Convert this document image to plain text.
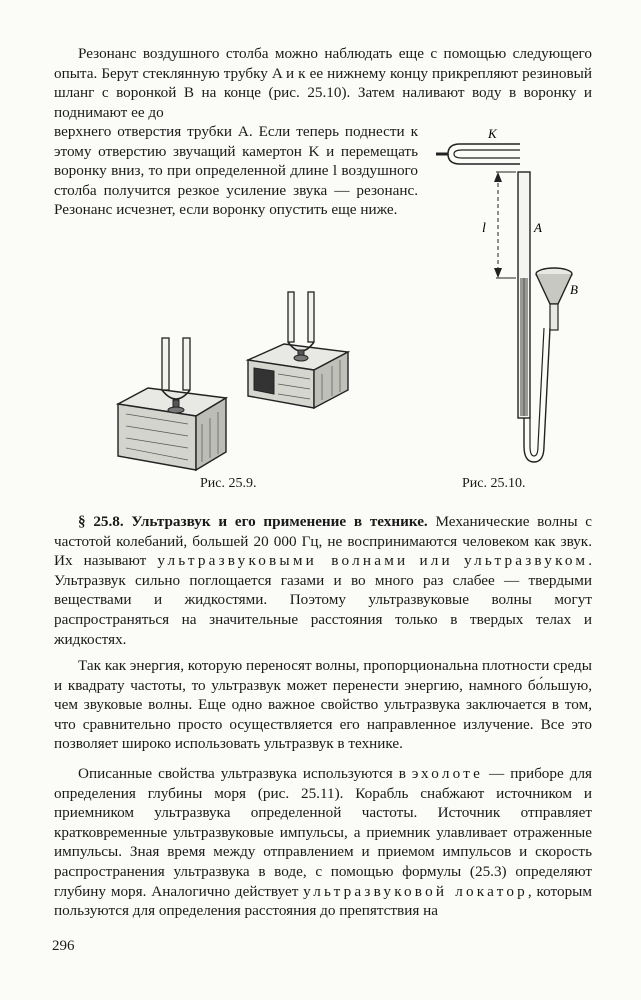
Резонанс воздушного столба можно наблюдать еще с помощью следующего опыта. Берут стеклянную трубку A и к ее нижнему концу прикрепляют резиновый шланг с воронкой B на конце (рис. 25.10). Затем наливают воду в воронку и поднимают ее до

верхнего отверстия трубки A. Если теперь поднести к этому отверстию звучащий камертон K и перемещать воронку вниз, то при определенной длине l воздушного столба получится резкое усиление звука — резонанс. Резонанс исчезнет, если воронку опустить еще ниже.

К
l	A
B
Рис. 25.9.	Рис. 25.10.

§ 25.8. Ультразвук и его применение в технике. Механические волны с частотой колебаний, большей 20 000 Гц, не воспринимаются человеком как звук. Их называют ультразвуковыми волнами или ультразвуком. Ультразвук сильно поглощается газами и во много раз слабее — твердыми веществами и жидкостями. Поэтому ультразвуковые волны могут распространяться на значительные расстояния только в твердых телах и жидкостях.

Так как энергия, которую переносят волны, пропорциональна плотности среды и квадрату частоты, то ультразвук может перенести энергию, намного бо́льшую, чем звуковые волны. Еще одно важное свойство ультразвука заключается в том, что сравнительно просто осуществляется его направленное излучение. Все это позволяет широко использовать ультразвук в технике.

Описанные свойства ультразвука используются в эхолоте — приборе для определения глубины моря (рис. 25.11). Корабль снабжают источником и приемником ультразвука определенной частоты. Источник отправляет кратковременные ультразвуковые импульсы, а приемник улавливает отраженные импульсы. Зная время между отправлением и приемом импульсов и скорость распространения ультразвука в воде, с помощью формулы (25.3) определяют глубину моря. Аналогично действует ультразвуковой локатор, которым пользуются для определения расстояния до препятствия на

296
